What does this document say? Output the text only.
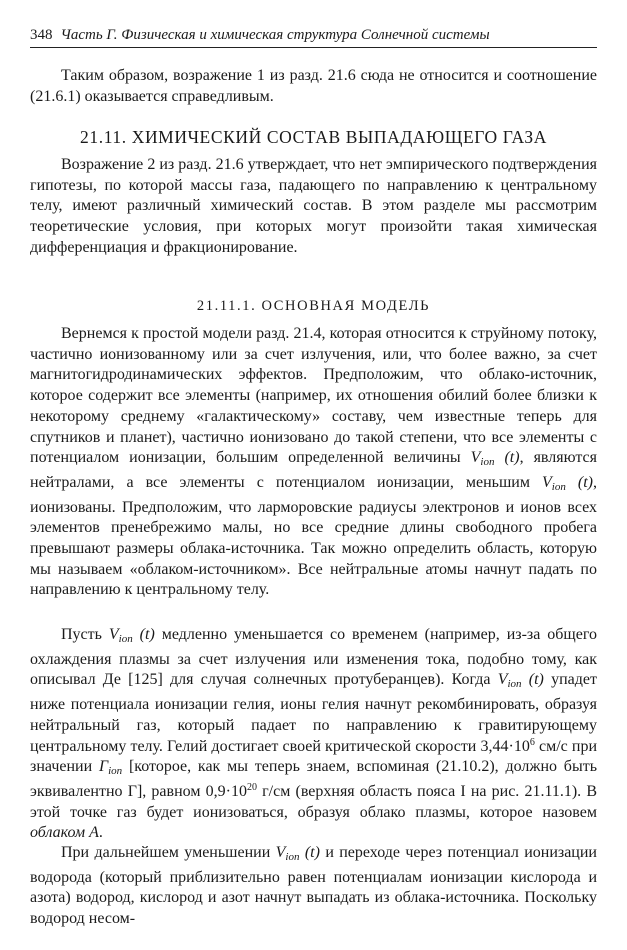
348 Часть Г. Физическая и химическая структура Солнечной системы

Таким образом, возражение 1 из разд. 21.6 сюда не относится и соотношение (21.6.1) оказывается справедливым.

21.11. ХИМИЧЕСКИЙ СОСТАВ ВЫПАДАЮЩЕГО ГАЗА

Возражение 2 из разд. 21.6 утверждает, что нет эмпирического подтверждения гипотезы, по которой массы газа, падающего по направлению к центральному телу, имеют различный химический состав. В этом разделе мы рассмотрим теоретические условия, при которых могут произойти такая химическая дифференциация и фракционирование.

21.11.1. ОСНОВНАЯ МОДЕЛЬ

Вернемся к простой модели разд. 21.4, которая относится к струйному потоку, частично ионизованному или за счет излучения, или, что более важно, за счет магнитогидродинамических эффектов. Предположим, что облако-источник, которое содержит все элементы (например, их отношения обилий более близки к некоторому среднему «галактическому» составу, чем известные теперь для спутников и планет), частично ионизовано до такой степени, что все элементы с потенциалом ионизации, большим определенной величины $V_{ion}$ (t), являются нейтралами, а все элементы с потенциалом ионизации, меньшим $V_{ion}$ (t), ионизованы. Предположим, что ларморовские радиусы электронов и ионов всех элементов пренебрежимо малы, но все средние длины свободного пробега превышают размеры облака-источника. Так можно определить область, которую мы называем «облаком-источником». Все нейтральные атомы начнут падать по направлению к центральному телу.

Пусть $V_{ion}$ (t) медленно уменьшается со временем (например, из-за общего охлаждения плазмы за счет излучения или изменения тока, подобно тому, как описывал Де [125] для случая солнечных протуберанцев). Когда $V_{ion}$ (t) упадет ниже потенциала ионизации гелия, ионы гелия начнут рекомбинировать, образуя нейтральный газ, который падает по направлению к гравитирующему центральному телу. Гелий достигает своей критической скорости $3,44\cdot 10^6$ см/с при значении $\Gamma_{ion}$ [которое, как мы теперь знаем, вспоминая (21.10.2), должно быть эквивалентно Γ], равном $0,9\cdot 10^{20}$ г/см (верхняя область пояса I на рис. 21.11.1). В этой точке газ будет ионизоваться, образуя облако плазмы, которое назовем облаком A.

При дальнейшем уменьшении $V_{ion}$ (t) и переходе через потенциал ионизации водорода (который приблизительно равен потенциалам ионизации кислорода и азота) водород, кислород и азот начнут выпадать из облака-источника. Поскольку водород несом-
